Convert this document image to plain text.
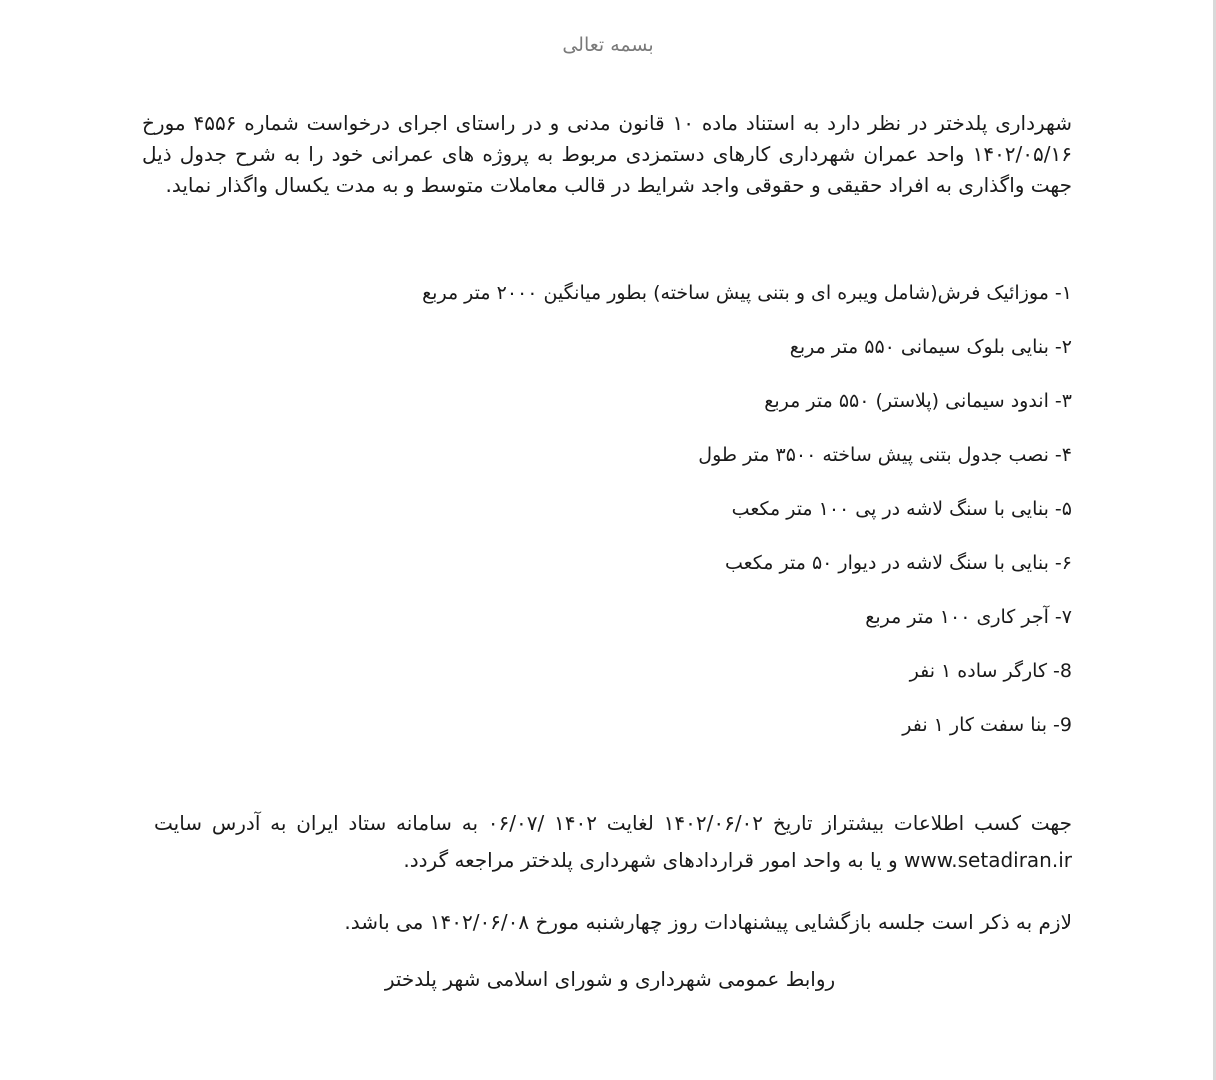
بسمه تعالی
شهرداری پلدختر در نظر دارد به استناد ماده ۱۰ قانون مدنی و در راستای اجرای درخواست شماره ۴۵۵۶ مورخ ۱۴۰۲/۰۵/۱۶ واحد عمران شهرداری کارهای دستمزدی مربوط به پروژه های عمرانی خود را به شرح جدول ذیل جهت واگذاری به افراد حقیقی و حقوقی واجد شرایط در قالب معاملات متوسط و به مدت یکسال واگذار نماید.
۱- موزائیک فرش(شامل ویبره ای و بتنی پیش ساخته) بطور میانگین ۲۰۰۰ متر مربع
۲- بنایی بلوک سیمانی ۵۵۰ متر مربع
۳- اندود سیمانی (پلاستر) ۵۵۰ متر مربع
۴- نصب جدول بتنی پیش ساخته ۳۵۰۰ متر طول
۵- بنایی با سنگ لاشه در پی ۱۰۰ متر مکعب
۶- بنایی با سنگ لاشه در دیوار ۵۰ متر مکعب
۷- آجر کاری ۱۰۰ متر مربع
8- کارگر ساده ۱ نفر
9- بنا سفت کار ۱ نفر
جهت کسب اطلاعات بیشتراز تاریخ ۱۴۰۲/۰۶/۰۲ لغایت ۱۴۰۲ /۰۶/۰۷ به سامانه ستاد ایران به آدرس سایت www.setadiran.ir و یا به واحد امور قراردادهای شهرداری پلدختر مراجعه گردد.
لازم به ذکر است جلسه بازگشایی پیشنهادات روز چهارشنبه مورخ ۱۴۰۲/۰۶/۰۸ می باشد.
روابط عمومی شهرداری و شورای اسلامی شهر پلدختر
